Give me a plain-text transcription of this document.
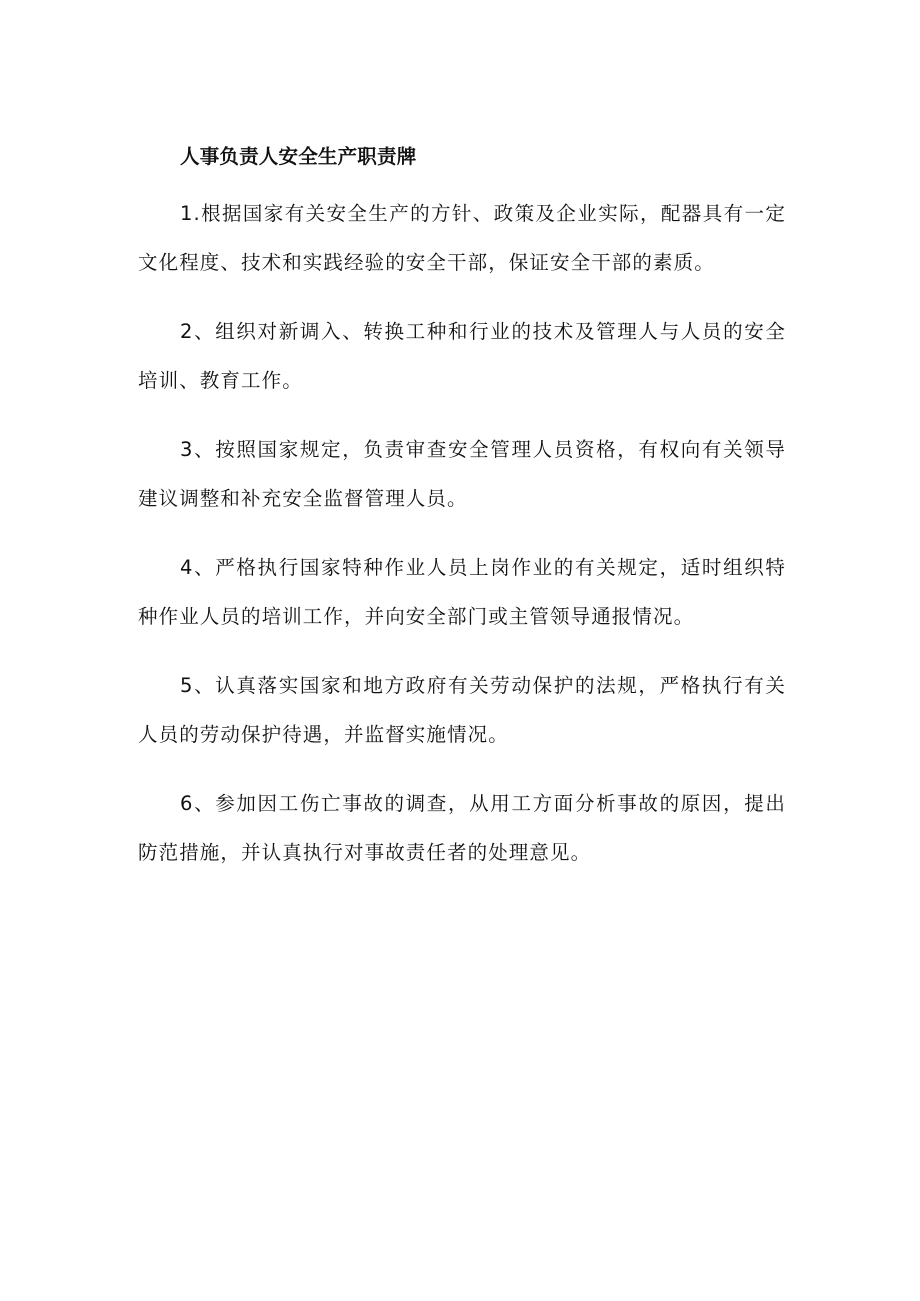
人事负责人安全生产职责牌

1.根据国家有关安全生产的方针、政策及企业实际，配器具有一定文化程度、技术和实践经验的安全干部，保证安全干部的素质。

2、组织对新调入、转换工种和行业的技术及管理人与人员的安全培训、教育工作。

3、按照国家规定，负责审查安全管理人员资格，有权向有关领导建议调整和补充安全监督管理人员。

4、严格执行国家特种作业人员上岗作业的有关规定，适时组织特种作业人员的培训工作，并向安全部门或主管领导通报情况。

5、认真落实国家和地方政府有关劳动保护的法规，严格执行有关人员的劳动保护待遇，并监督实施情况。

6、参加因工伤亡事故的调查，从用工方面分析事故的原因，提出防范措施，并认真执行对事故责任者的处理意见。
